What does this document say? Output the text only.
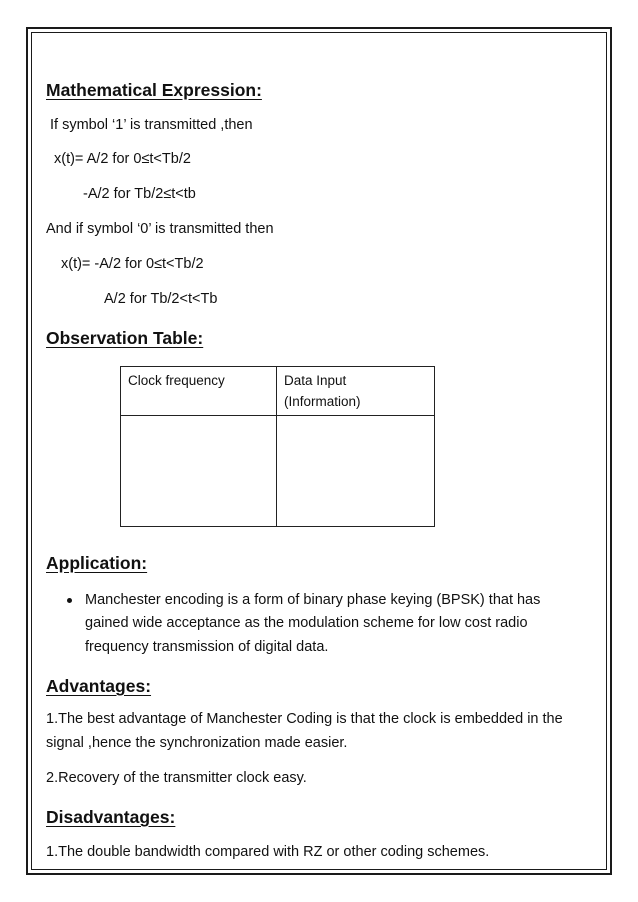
Mathematical Expression:
If symbol ‘1’ is transmitted ,then
x(t)= A/2 for 0≤t<Tb/2
-A/2 for Tb/2≤t<tb
And if symbol ‘0’ is transmitted then
x(t)= -A/2 for 0≤t<Tb/2
A/2 for Tb/2<t<Tb
Observation Table:
Clock frequency	Data Input
(Information)

Application:
Manchester encoding is a form of binary phase keying (BPSK) that has
gained wide acceptance as the modulation scheme for low cost radio
frequency transmission of digital data.
Advantages:
1.The best advantage of Manchester Coding is that the clock is embedded in the
signal ,hence the synchronization made easier.
2.Recovery of the transmitter clock easy.
Disadvantages:
1.The double bandwidth compared with RZ or other coding schemes.
